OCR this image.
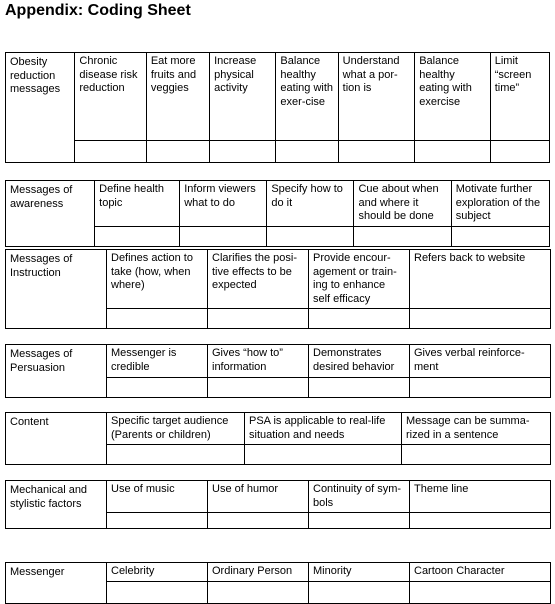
Appendix: Coding Sheet
Obesity reduction messages	Chronic disease risk reduction	Eat more fruits and veggies	Increase physical activity	Balance healthy eating with exer-cise	Understand what a por-tion is	Balance healthy eating with exercise	Limit “screen time”

Messages of awareness	Define health topic	Inform viewers what to do	Specify how to do it	Cue about when and where it should be done	Motivate further exploration of the subject

Messages of Instruction	Defines action to take (how, when where)	Clarifies the posi-tive effects to be expected	Provide encour-agement or train-ing to enhance self efficacy	Refers back to website

Messages of Persuasion	Messenger is credible	Gives “how to” information	Demonstrates desired behavior	Gives verbal reinforce-ment

Content	Specific target audience (Parents or children)	PSA is applicable to real-life situation and needs	Message can be summa-rized in a sentence

Mechanical and stylistic factors	Use of music	Use of humor	Continuity of sym-bols	Theme line

Messenger	Celebrity	Ordinary Person	Minority	Cartoon Character
